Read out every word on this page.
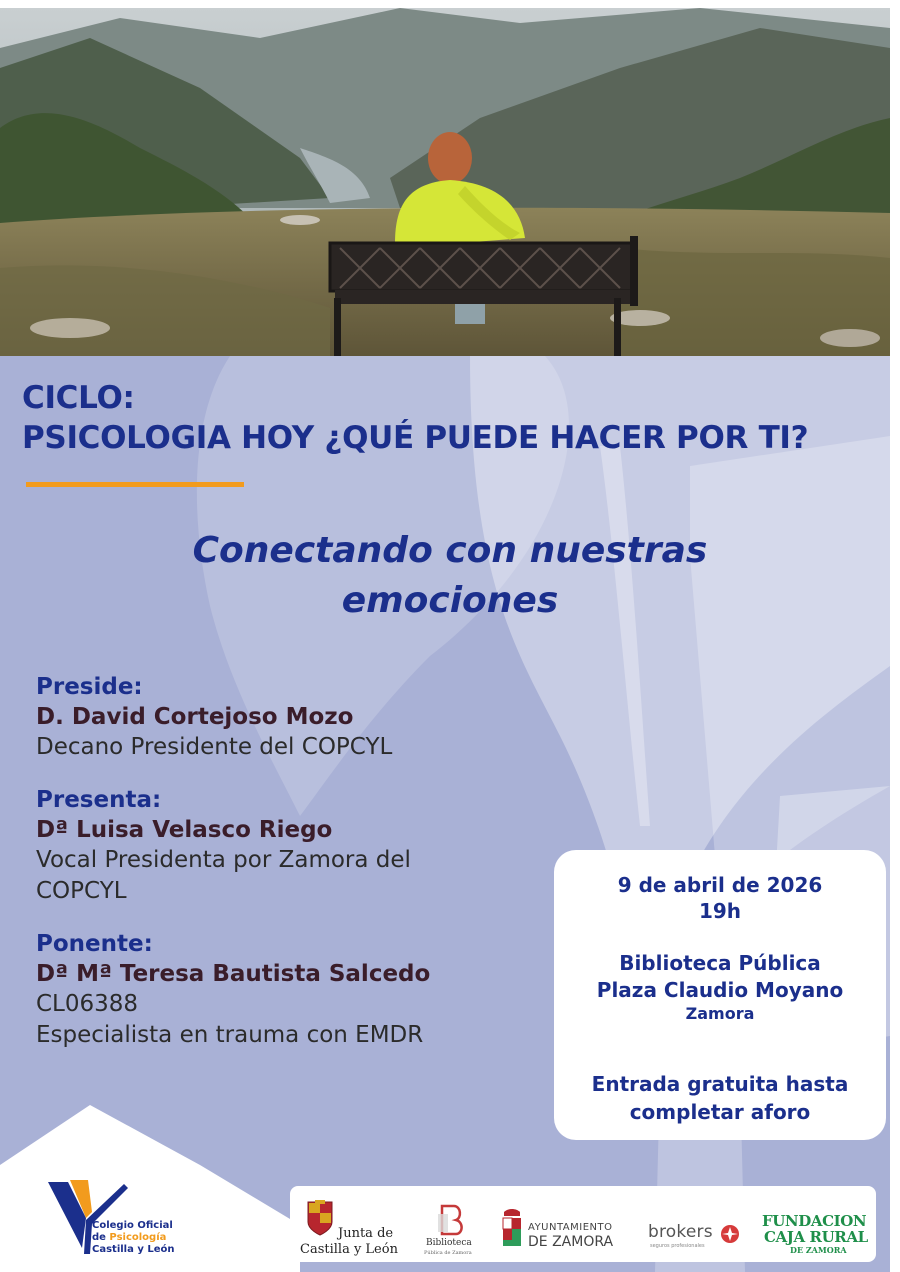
CICLO:
PSICOLOGIA HOY ¿QUÉ PUEDE HACER POR TI?
Conectando con nuestras
emociones

Preside:

D. David Cortejoso Mozo

Decano Presidente del COPCYL

Presenta:

Dª Luisa Velasco Riego

Vocal Presidenta por Zamora del

COPCYL

Ponente:

Dª Mª Teresa Bautista Salcedo

CL06388

Especialista en trauma con EMDR

9 de abril de 2026
19h
Biblioteca Pública
Plaza Claudio Moyano
Zamora
Entrada gratuita hasta
completar aforo
Colegio Oficial
de Psicología
Castilla y León
Junta de
Castilla y León	Biblioteca
Pública de Zamora
AYUNTAMIENTO
DE ZAMORA brokers
seguros profesionales
FUNDACION
CAJA RURAL
DE ZAMORA
